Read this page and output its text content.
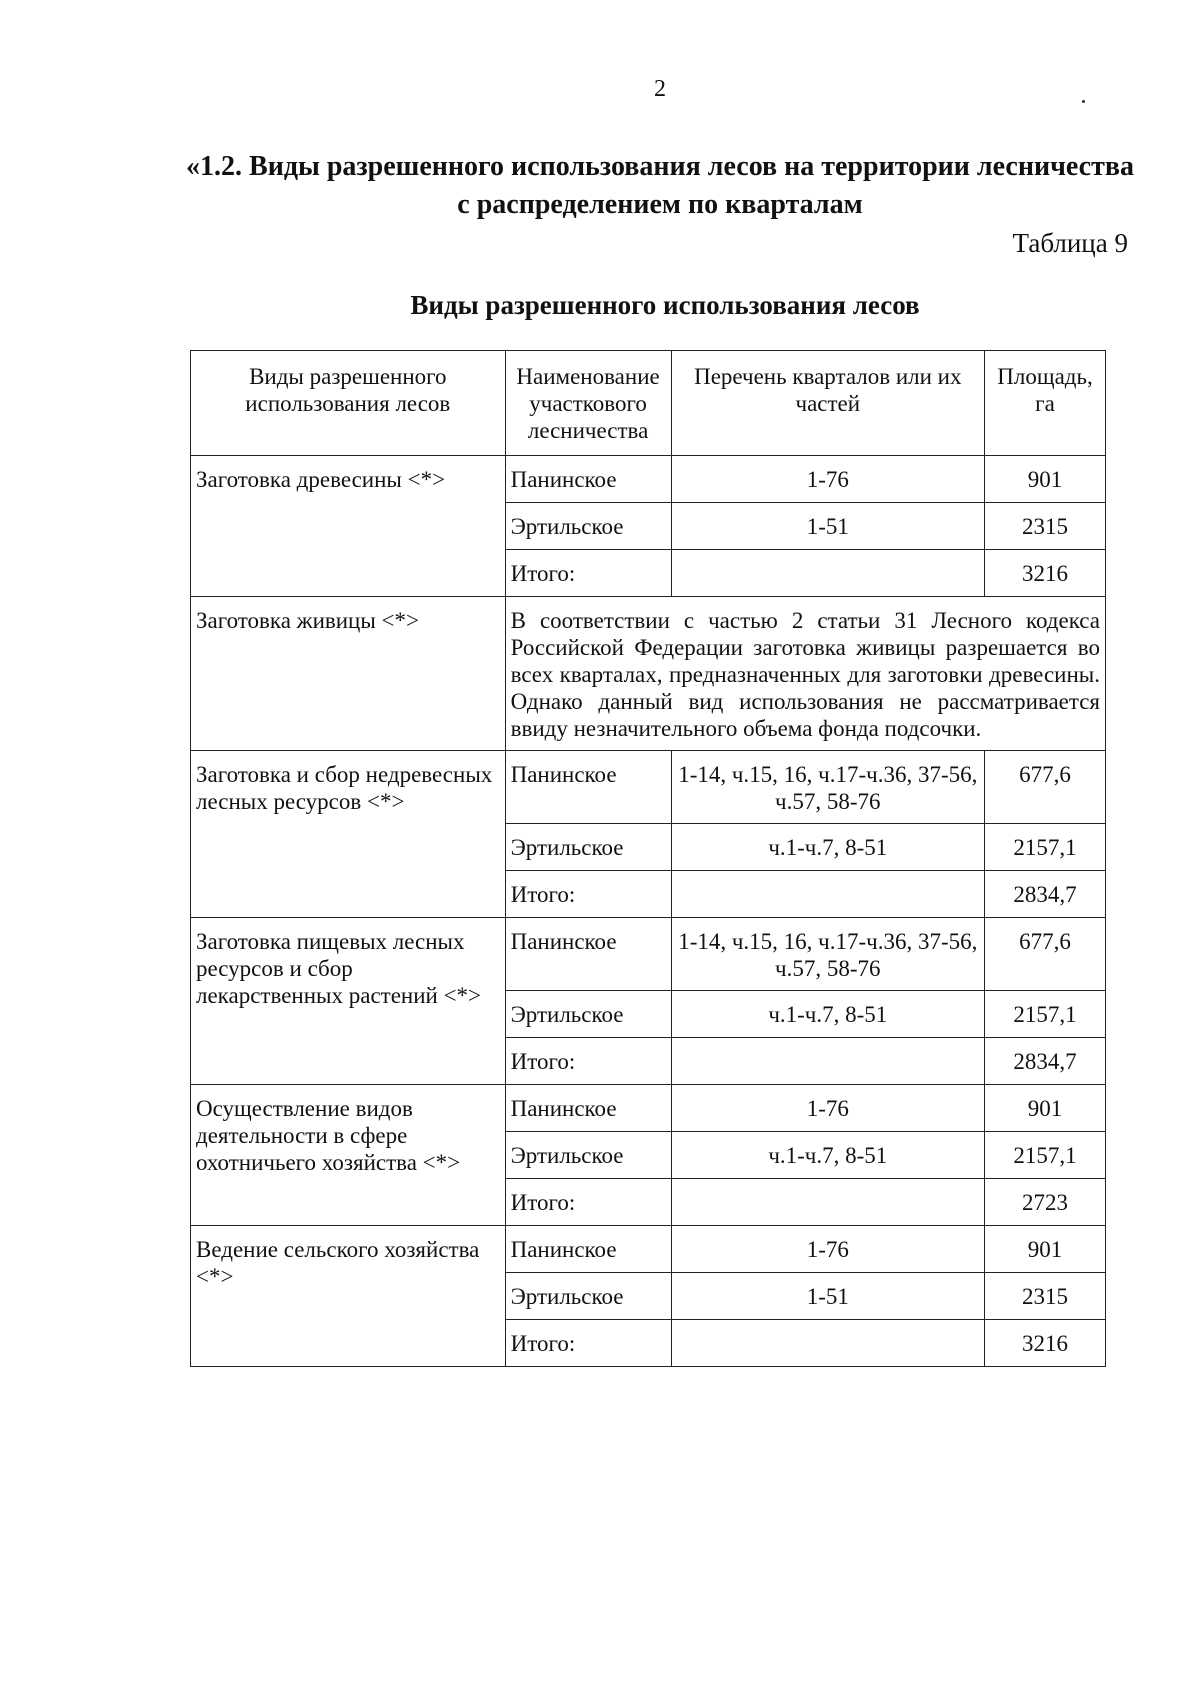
2
«1.2. Виды разрешенного использования лесов на территории лесничества с распределением по кварталам
Таблица 9
Виды разрешенного использования лесов
Виды разрешенного использования лесов	Наименование участкового лесничества	Перечень кварталов или их частей	Площадь, га
Заготовка древесины <*>	Панинское	1-76	901
	Эртильское	1-51	2315
	Итого:		3216
Заготовка живицы <*>	В соответствии с частью 2 статьи 31 Лесного кодекса Российской Федерации заготовка живицы разрешается во всех кварталах, предназначенных для заготовки древесины. Однако данный вид использования не рассматривается ввиду незначительного объема фонда подсочки.		
Заготовка и сбор недревесных лесных ресурсов <*>	Панинское	1-14, ч.15, 16, ч.17-ч.36, 37-56, ч.57, 58-76	677,6
	Эртильское	ч.1-ч.7, 8-51	2157,1
	Итого:		2834,7
Заготовка пищевых лесных ресурсов и сбор лекарственных растений <*>	Панинское	1-14, ч.15, 16, ч.17-ч.36, 37-56, ч.57, 58-76	677,6
	Эртильское	ч.1-ч.7, 8-51	2157,1
	Итого:		2834,7
Осуществление видов деятельности в сфере охотничьего хозяйства <*>	Панинское	1-76	901
	Эртильское	ч.1-ч.7, 8-51	2157,1
	Итого:		2723
Ведение сельского хозяйства <*>	Панинское	1-76	901
	Эртильское	1-51	2315
	Итого:		3216
